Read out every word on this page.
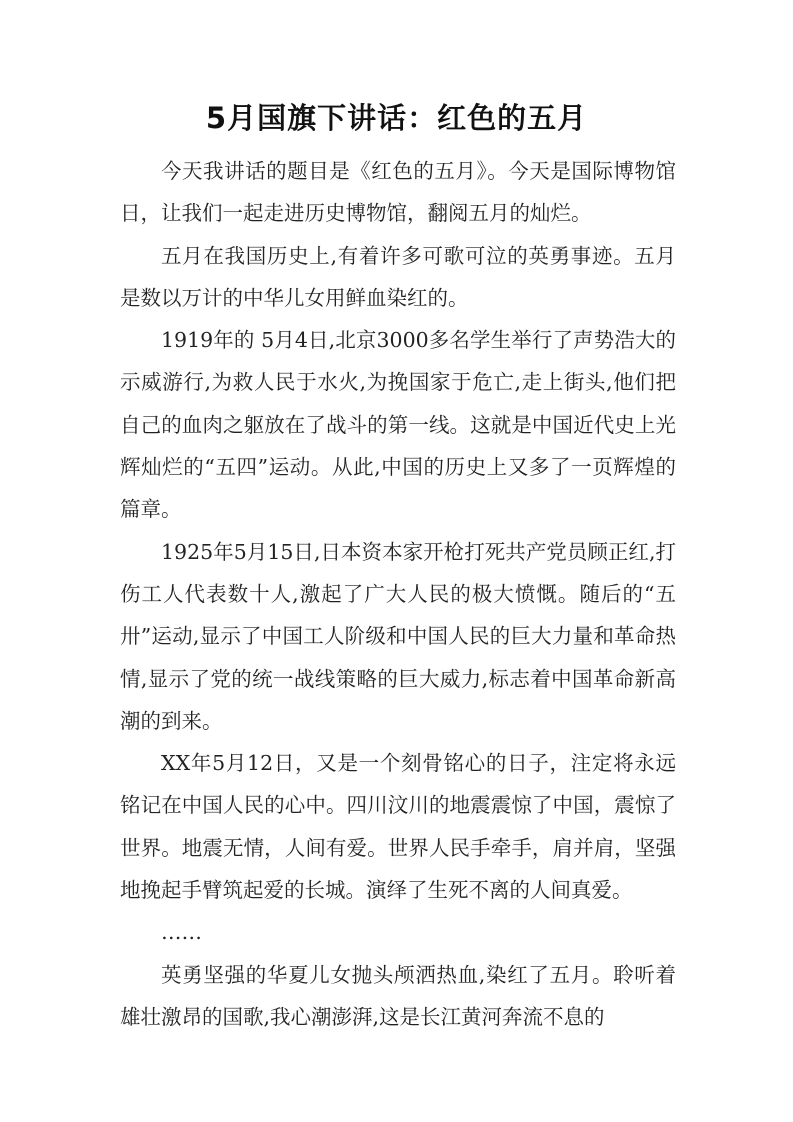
5月国旗下讲话：红色的五月

今天我讲话的题目是《红色的五月》。今天是国际博物馆日，让我们一起走进历史博物馆，翻阅五月的灿烂。

五月在我国历史上,有着许多可歌可泣的英勇事迹。五月是数以万计的中华儿女用鲜血染红的。

1919年的 5月4日,北京3000多名学生举行了声势浩大的示威游行,为救人民于水火,为挽国家于危亡,走上街头,他们把自己的血肉之躯放在了战斗的第一线。这就是中国近代史上光辉灿烂的“五四”运动。从此,中国的历史上又多了一页辉煌的篇章。

1925年5月15日,日本资本家开枪打死共产党员顾正红,打伤工人代表数十人,激起了广大人民的极大愤慨。随后的“五卅”运动,显示了中国工人阶级和中国人民的巨大力量和革命热情,显示了党的统一战线策略的巨大威力,标志着中国革命新高潮的到来。

XX年5月12日，又是一个刻骨铭心的日子，注定将永远铭记在中国人民的心中。四川汶川的地震震惊了中国，震惊了世界。地震无情，人间有爱。世界人民手牵手，肩并肩，坚强地挽起手臂筑起爱的长城。演绎了生死不离的人间真爱。

……

英勇坚强的华夏儿女抛头颅洒热血,染红了五月。聆听着雄壮激昂的国歌,我心潮澎湃,这是长江黄河奔流不息的
